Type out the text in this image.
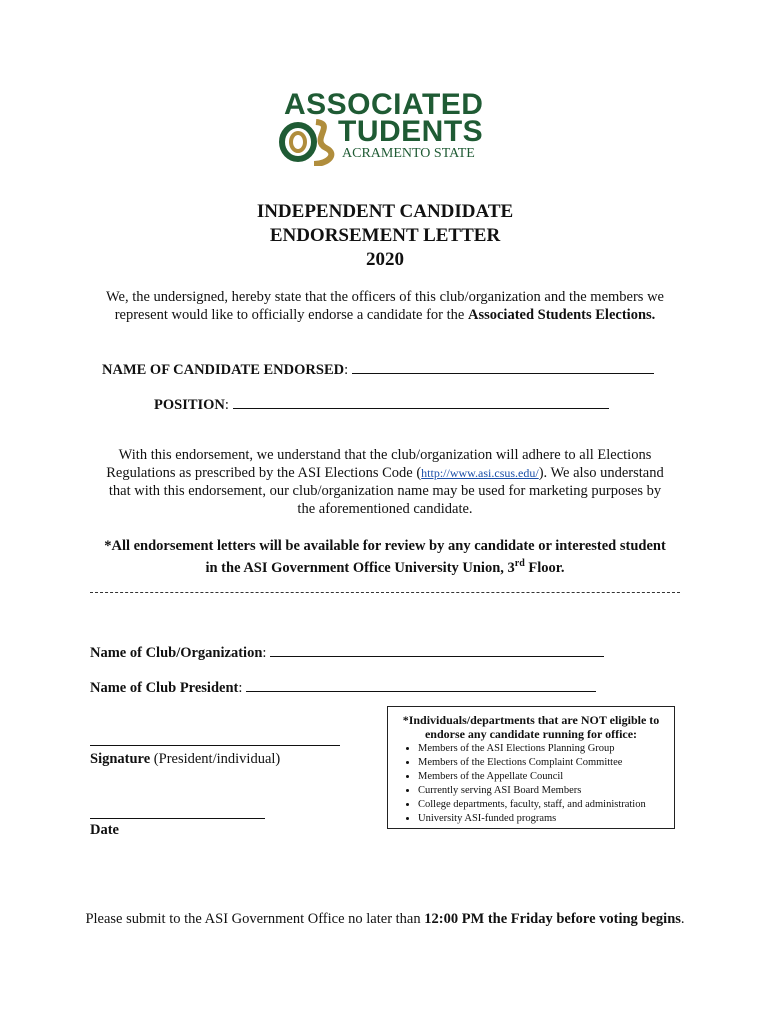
ASSOCIATED
TUDENTS
ACRAMENTO STATE
INDEPENDENT CANDIDATE
ENDORSEMENT LETTER
2020
We, the undersigned, hereby state that the officers of this club/organization and the members we
represent would like to officially endorse a candidate for the Associated Students Elections.
NAME OF CANDIDATE ENDORSED:
POSITION:
With this endorsement, we understand that the club/organization will adhere to all Elections
Regulations as prescribed by the ASI Elections Code (http://www.asi.csus.edu/). We also understand
that with this endorsement, our club/organization name may be used for marketing purposes by
the aforementioned candidate.
*All endorsement letters will be available for review by any candidate or interested student
in the ASI Government Office University Union, 3rd Floor.
Name of Club/Organization:
Name of Club President:
Signature (President/individual)
Date
*Individuals/departments that are NOT eligible to
endorse any candidate running for office:
• Members of the ASI Elections Planning Group
• Members of the Elections Complaint Committee
• Members of the Appellate Council
• Currently serving ASI Board Members
• College departments, faculty, staff, and administration
• University ASI-funded programs
Please submit to the ASI Government Office no later than 12:00 PM the Friday before voting begins.
